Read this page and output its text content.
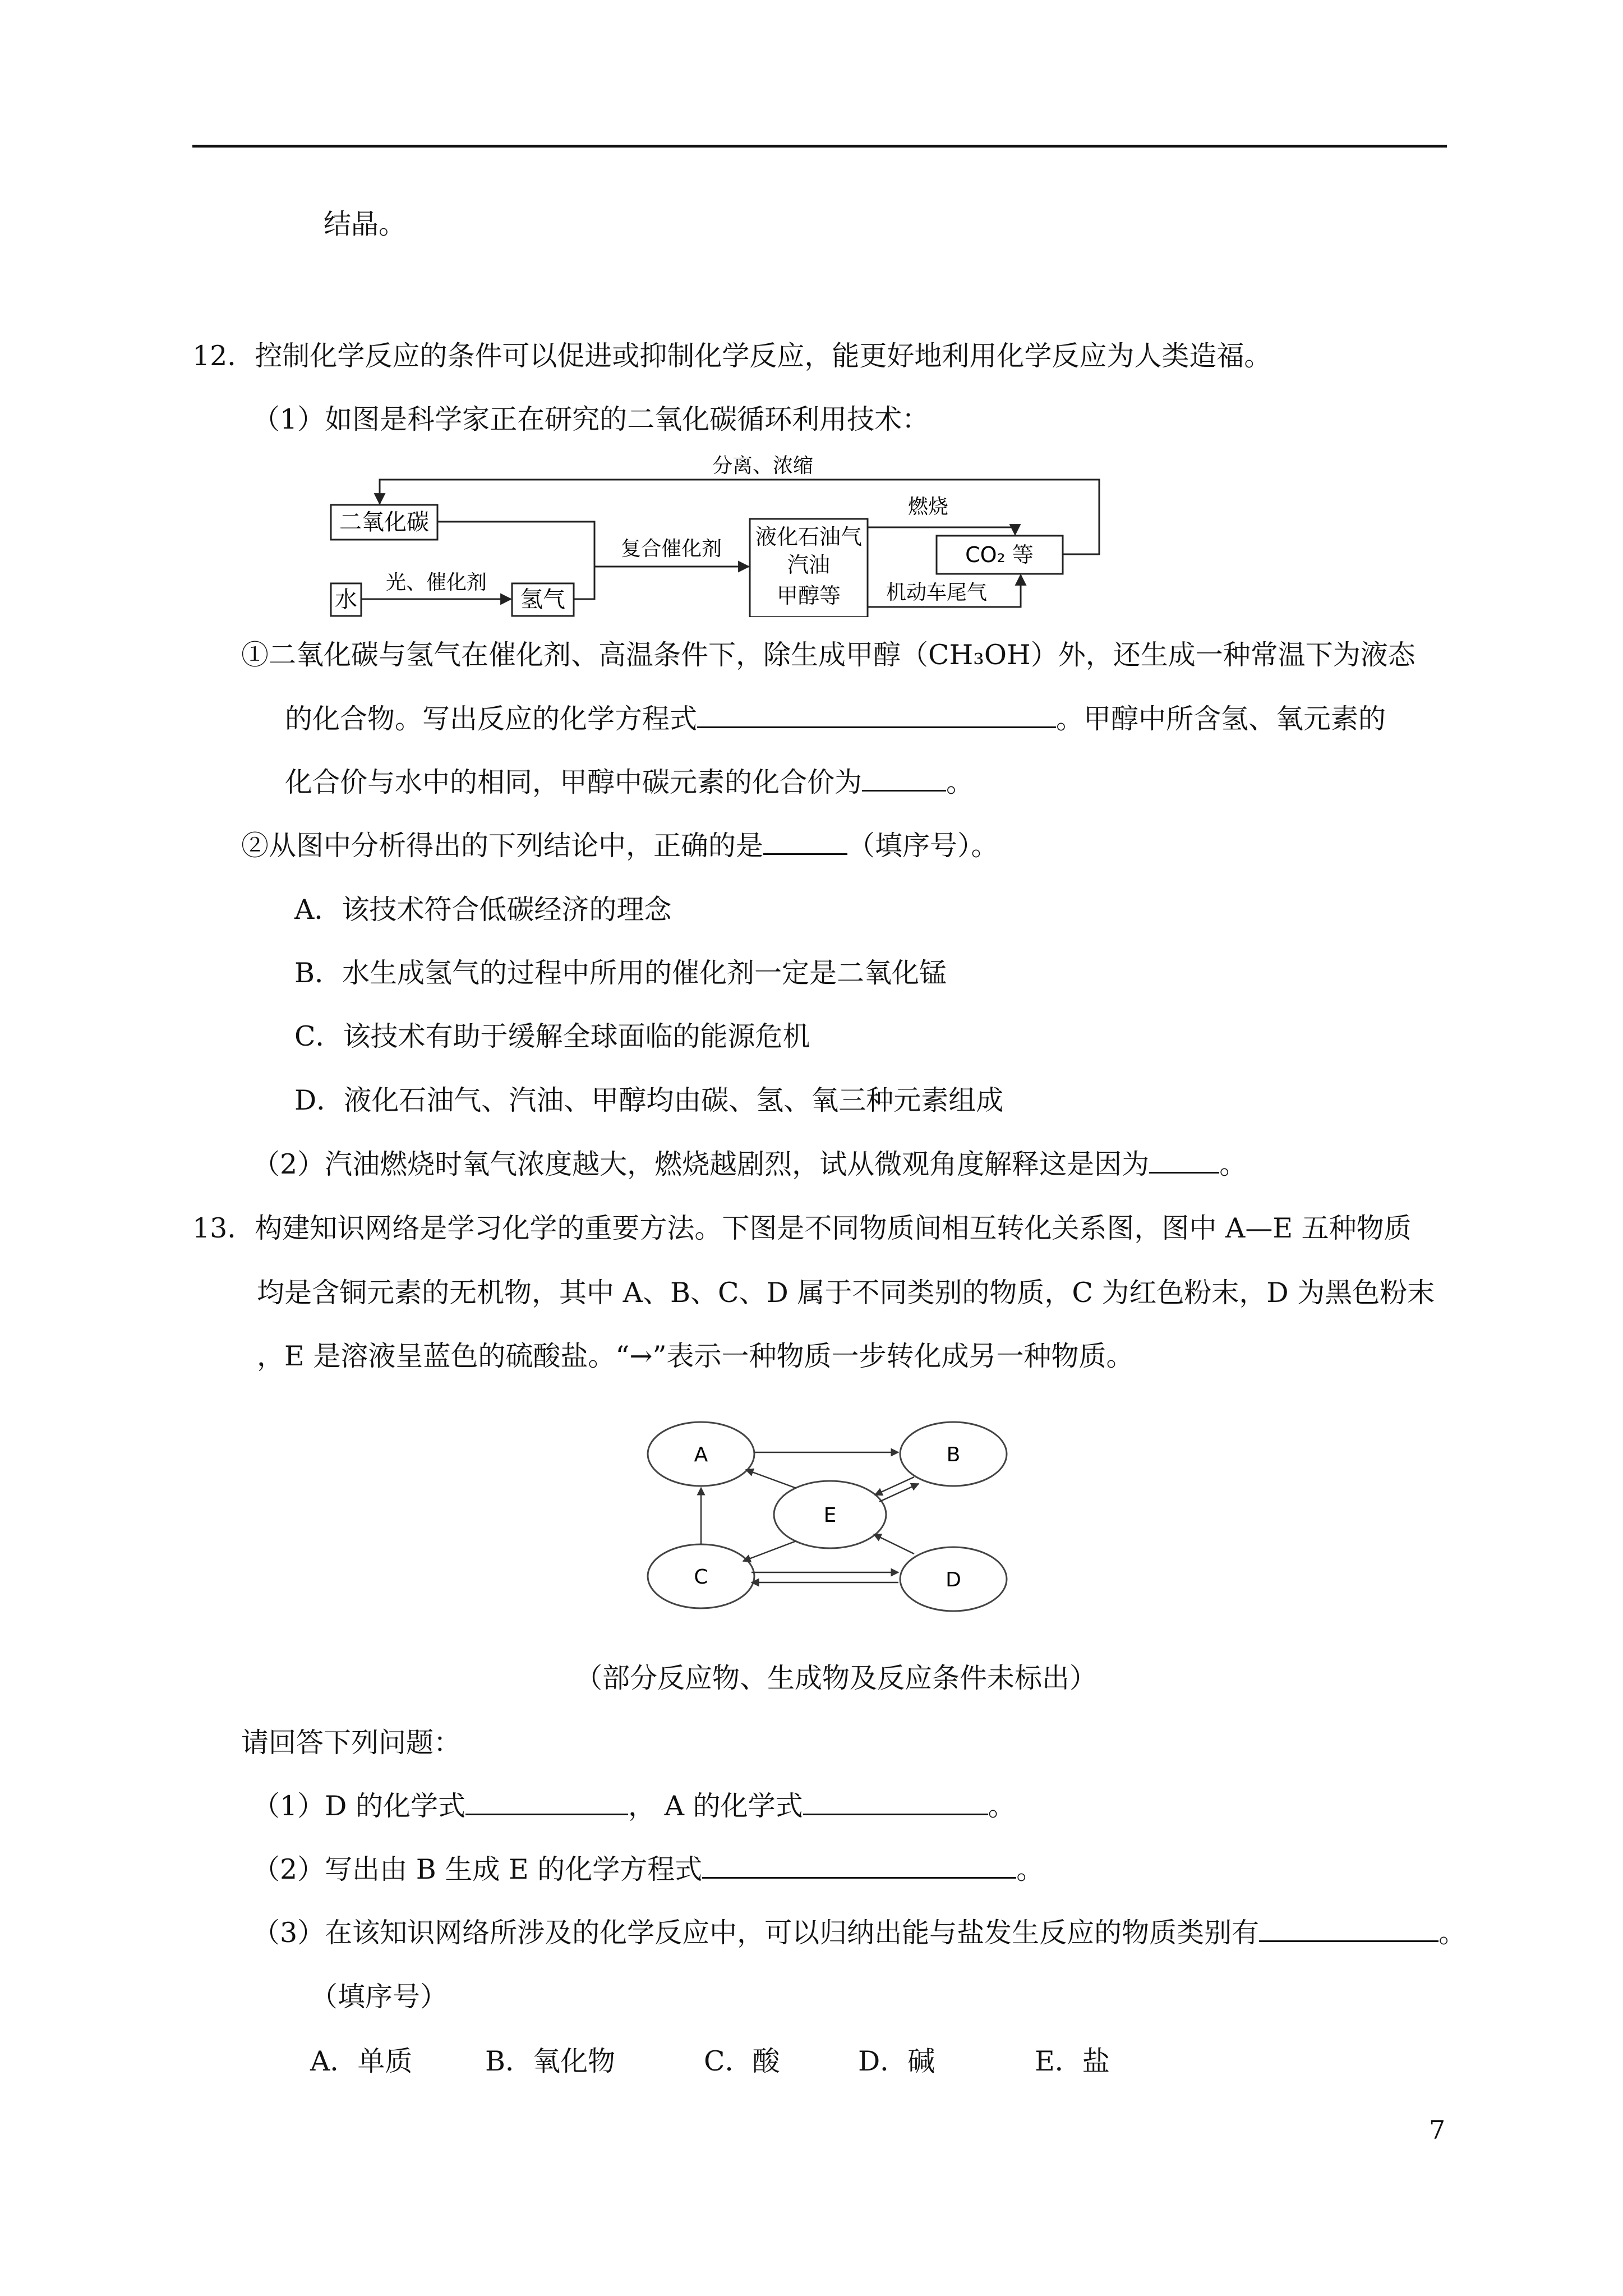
结晶。
12．控制化学反应的条件可以促进或抑制化学反应，能更好地利用化学反应为人类造福。
（1）如图是科学家正在研究的二氧化碳循环利用技术：
二氧化碳
水	氢气
液化石油气
汽油
甲醇等
CO₂ 等
分离、浓缩
复合催化剂
光、催化剂
燃烧
机动车尾气
①二氧化碳与氢气在催化剂、高温条件下，除生成甲醇（CH₃OH）外，还生成一种常温下为液态
的化合物。写出反应的化学方程式	。甲醇中所含氢、氧元素的
化合价与水中的相同，甲醇中碳元素的化合价为	。
②从图中分析得出的下列结论中，正确的是	（填序号）。
A．该技术符合低碳经济的理念
B．水生成氢气的过程中所用的催化剂一定是二氧化锰
C．该技术有助于缓解全球面临的能源危机
D．液化石油气、汽油、甲醇均由碳、氢、氧三种元素组成
（2）汽油燃烧时氧气浓度越大，燃烧越剧烈，试从微观角度解释这是因为	。
13．构建知识网络是学习化学的重要方法。下图是不同物质间相互转化关系图，图中 A—E 五种物质
均是含铜元素的无机物，其中 A、B、C、D 属于不同类别的物质，C 为红色粉末，D 为黑色粉末
，E 是溶液呈蓝色的硫酸盐。“→”表示一种物质一步转化成另一种物质。
A	B
C	D
E
（部分反应物、生成物及反应条件未标出）
请回答下列问题：
（1）D 的化学式	， A 的化学式	。
（2）写出由 B 生成 E 的化学方程式	。
（3）在该知识网络所涉及的化学反应中，可以归纳出能与盐发生反应的物质类别有	。
（填序号）
A．单质	B．氧化物	C．酸	D．碱	E．盐
7
